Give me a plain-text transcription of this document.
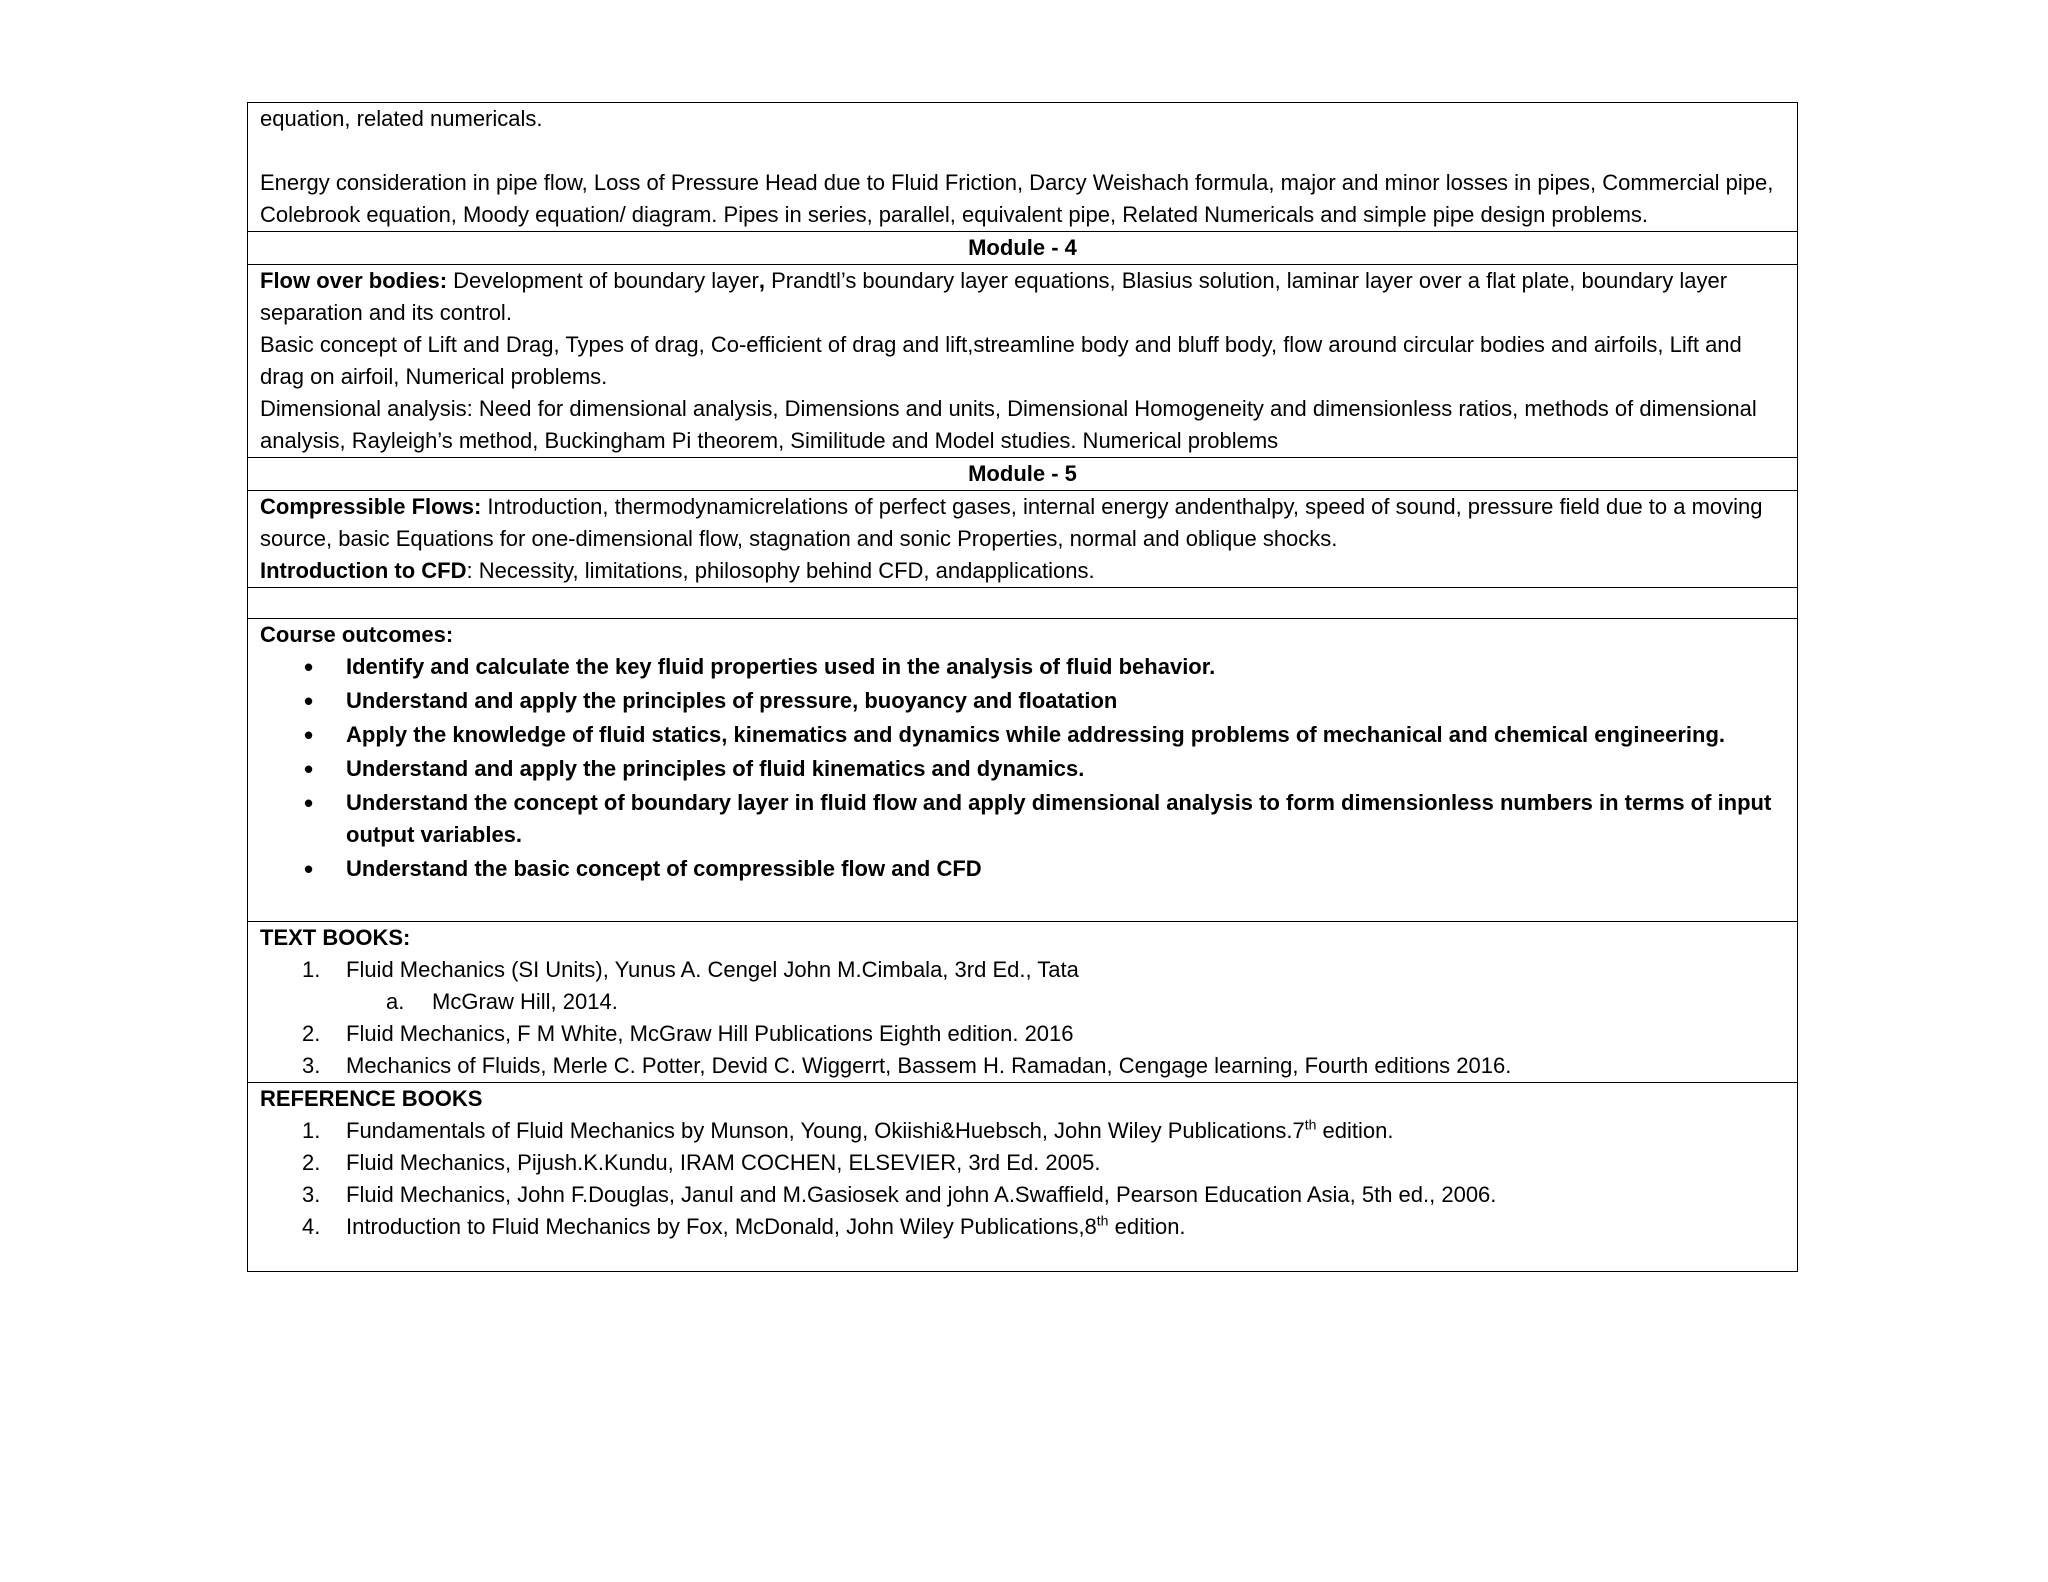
equation, related numericals.
Energy consideration in pipe flow, Loss of Pressure Head due to Fluid Friction, Darcy Weishach formula, major and minor losses in pipes, Commercial pipe, Colebrook equation, Moody equation/ diagram. Pipes in series, parallel, equivalent pipe, Related Numericals and simple pipe design problems.

Module - 4

Flow over bodies: Development of boundary layer, Prandtl’s boundary layer equations, Blasius solution, laminar layer over a flat plate, boundary layer separation and its control.
Basic concept of Lift and Drag, Types of drag, Co-efficient of drag and lift,streamline body and bluff body, flow around circular bodies and airfoils, Lift and drag on airfoil, Numerical problems.
Dimensional analysis: Need for dimensional analysis, Dimensions and units, Dimensional Homogeneity and dimensionless ratios, methods of dimensional analysis, Rayleigh’s method, Buckingham Pi theorem, Similitude and Model studies. Numerical problems

Module - 5

Compressible Flows: Introduction, thermodynamicrelations of perfect gases, internal energy andenthalpy, speed of sound, pressure field due to a moving source, basic Equations for one-dimensional flow, stagnation and sonic Properties, normal and oblique shocks.
Introduction to CFD: Necessity, limitations, philosophy behind CFD, andapplications.

Course outcomes:
• Identify and calculate the key fluid properties used in the analysis of fluid behavior.
• Understand and apply the principles of pressure, buoyancy and floatation
• Apply the knowledge of fluid statics, kinematics and dynamics while addressing problems of mechanical and chemical engineering.
• Understand and apply the principles of fluid kinematics and dynamics.
• Understand the concept of boundary layer in fluid flow and apply dimensional analysis to form dimensionless numbers in terms of input output variables.
• Understand the basic concept of compressible flow and CFD

TEXT BOOKS:
1.	Fluid Mechanics (SI Units), Yunus A. Cengel John M.Cimbala, 3rd Ed., Tata
a.	McGraw Hill, 2014.
2.	Fluid Mechanics, F M White, McGraw Hill Publications Eighth edition. 2016
3.	Mechanics of Fluids, Merle C. Potter, Devid C. Wiggerrt, Bassem H. Ramadan, Cengage learning, Fourth editions 2016.

REFERENCE BOOKS
1.	Fundamentals of Fluid Mechanics by Munson, Young, Okiishi&Huebsch, John Wiley Publications.7th edition.
2.	Fluid Mechanics, Pijush.K.Kundu, IRAM COCHEN, ELSEVIER, 3rd Ed. 2005.
3.	Fluid Mechanics, John F.Douglas, Janul and M.Gasiosek and john A.Swaffield, Pearson Education Asia, 5th ed., 2006.
4.	Introduction to Fluid Mechanics by Fox, McDonald, John Wiley Publications,8th edition.
